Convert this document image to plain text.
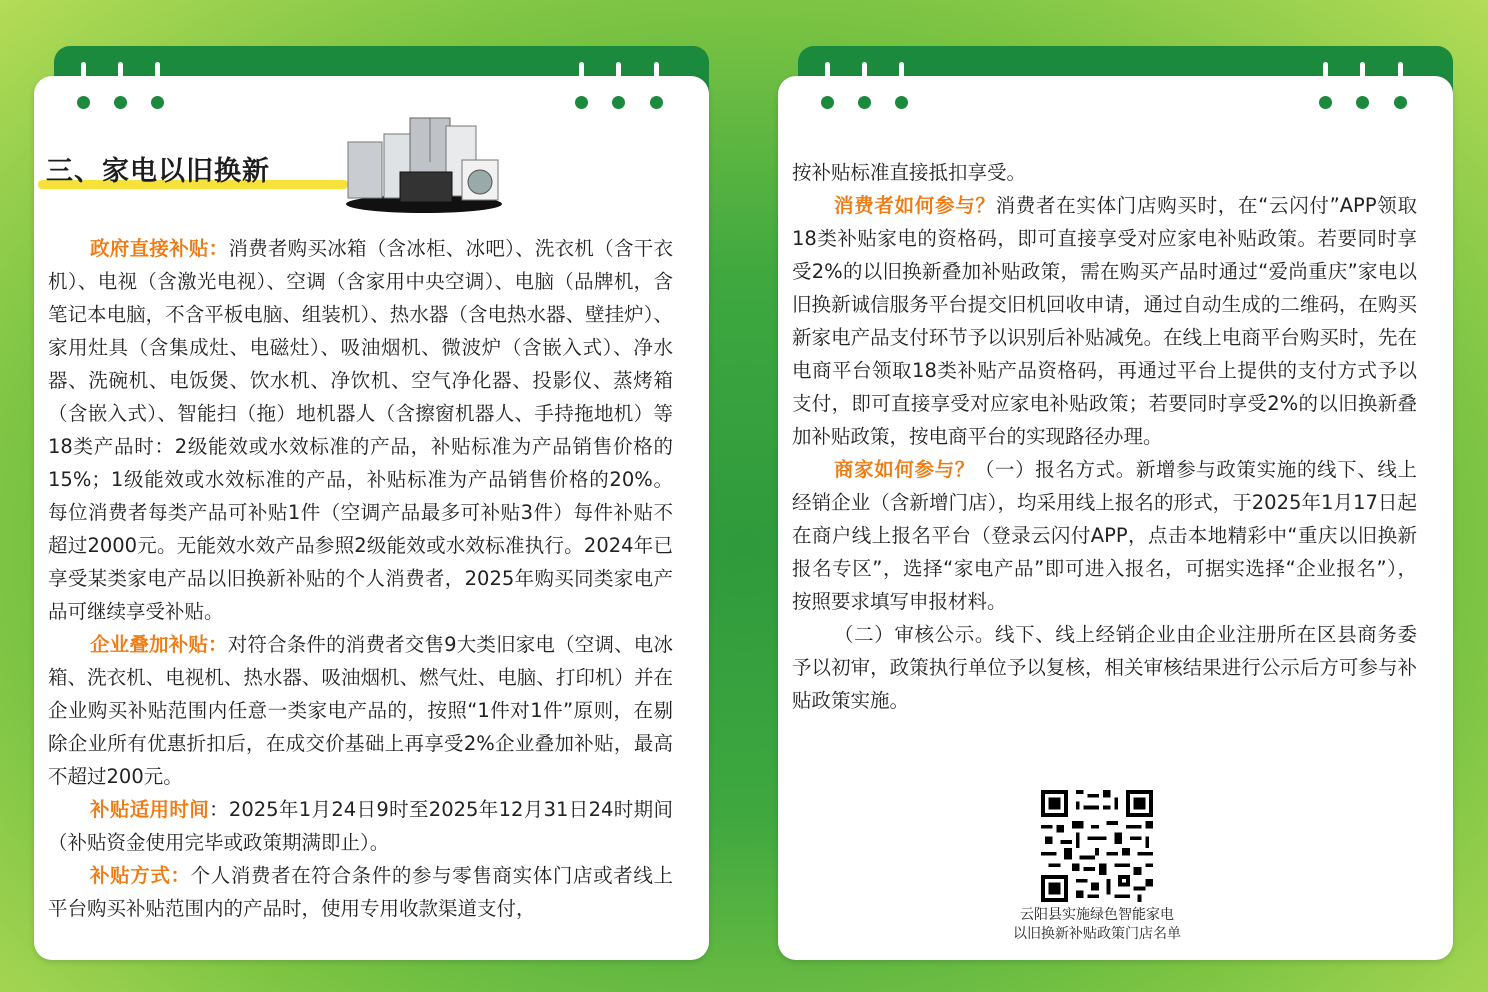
三、家电以旧换新

政府直接补贴：消费者购买冰箱（含冰柜、冰吧）、洗衣机（含干衣机）、电视（含激光电视）、空调（含家用中央空调）、电脑（品牌机，含笔记本电脑，不含平板电脑、组装机）、热水器（含电热水器、壁挂炉）、家用灶具（含集成灶、电磁灶）、吸油烟机、微波炉（含嵌入式）、净水器、洗碗机、电饭煲、饮水机、净饮机、空气净化器、投影仪、蒸烤箱（含嵌入式）、智能扫（拖）地机器人（含擦窗机器人、手持拖地机）等18类产品时：2级能效或水效标准的产品，补贴标准为产品销售价格的15%；1级能效或水效标准的产品，补贴标准为产品销售价格的20%。每位消费者每类产品可补贴1件（空调产品最多可补贴3件）每件补贴不超过2000元。无能效水效产品参照2级能效或水效标准执行。2024年已享受某类家电产品以旧换新补贴的个人消费者，2025年购买同类家电产品可继续享受补贴。

企业叠加补贴：对符合条件的消费者交售9大类旧家电（空调、电冰箱、洗衣机、电视机、热水器、吸油烟机、燃气灶、电脑、打印机）并在企业购买补贴范围内任意一类家电产品的，按照“1件对1件”原则，在剔除企业所有优惠折扣后，在成交价基础上再享受2%企业叠加补贴，最高不超过200元。

补贴适用时间：2025年1月24日9时至2025年12月31日24时期间（补贴资金使用完毕或政策期满即止）。

补贴方式：个人消费者在符合条件的参与零售商实体门店或者线上平台购买补贴范围内的产品时，使用专用收款渠道支付，

按补贴标准直接抵扣享受。

消费者如何参与？消费者在实体门店购买时，在“云闪付”APP领取18类补贴家电的资格码，即可直接享受对应家电补贴政策。若要同时享受2%的以旧换新叠加补贴政策，需在购买产品时通过“爱尚重庆”家电以旧换新诚信服务平台提交旧机回收申请，通过自动生成的二维码，在购买新家电产品支付环节予以识别后补贴减免。在线上电商平台购买时，先在电商平台领取18类补贴产品资格码，再通过平台上提供的支付方式予以支付，即可直接享受对应家电补贴政策；若要同时享受2%的以旧换新叠加补贴政策，按电商平台的实现路径办理。

商家如何参与？（一）报名方式。新增参与政策实施的线下、线上经销企业（含新增门店），均采用线上报名的形式，于2025年1月17日起在商户线上报名平台（登录云闪付APP，点击本地精彩中“重庆以旧换新报名专区”，选择“家电产品”即可进入报名，可据实选择“企业报名”），按照要求填写申报材料。

（二）审核公示。线下、线上经销企业由企业注册所在区县商务委予以初审，政策执行单位予以复核，相关审核结果进行公示后方可参与补贴政策实施。

云阳县实施绿色智能家电
以旧换新补贴政策门店名单
